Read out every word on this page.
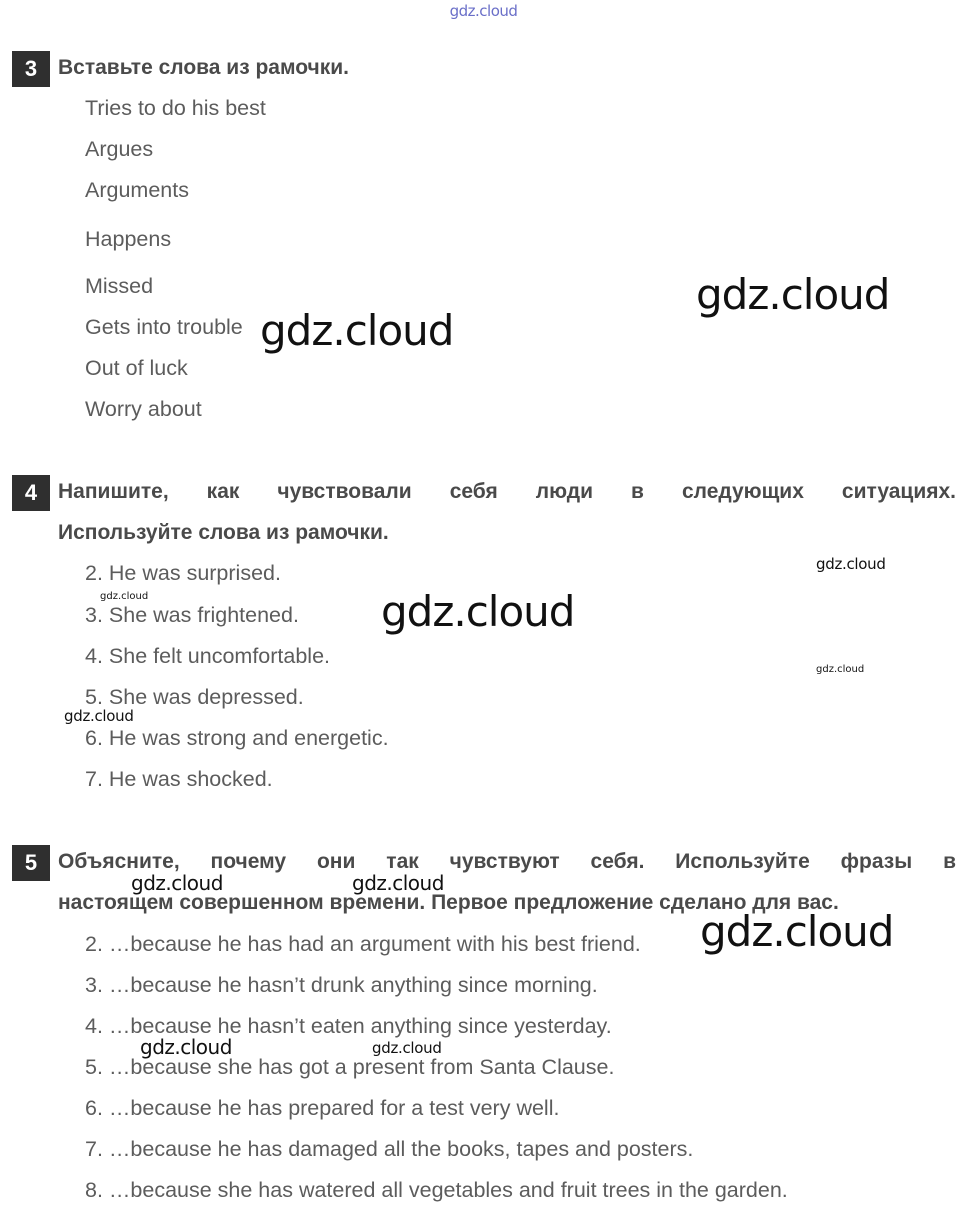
gdz.cloud
3 Вставьте слова из рамочки.
Tries to do his best
Argues
Arguments
Happens
Missed
Gets into trouble
Out of luck
Worry about
4 Напишите, как чувствовали себя люди в следующих ситуациях.
Используйте слова из рамочки.
2. He was surprised.
3. She was frightened.
4. She felt uncomfortable.
5. She was depressed.
6. He was strong and energetic.
7. He was shocked.
5 Объясните, почему они так чувствуют себя. Используйте фразы в
настоящем совершенном времени. Первое предложение сделано для вас.
2. …because he has had an argument with his best friend.
3. …because he hasn’t drunk anything since morning.
4. …because he hasn’t eaten anything since yesterday.
5. …because she has got a present from Santa Clause.
6. …because he has prepared for a test very well.
7. …because he has damaged all the books, tapes and posters.
8. …because she has watered all vegetables and fruit trees in the garden.
gdz.cloud
gdz.cloud
gdz.cloud
gdz.cloud	gdz.cloud
gdz.cloud
gdz.cloud
gdz.cloud	gdz.cloud
gdz.cloud
gdz.cloud	gdz.cloud
